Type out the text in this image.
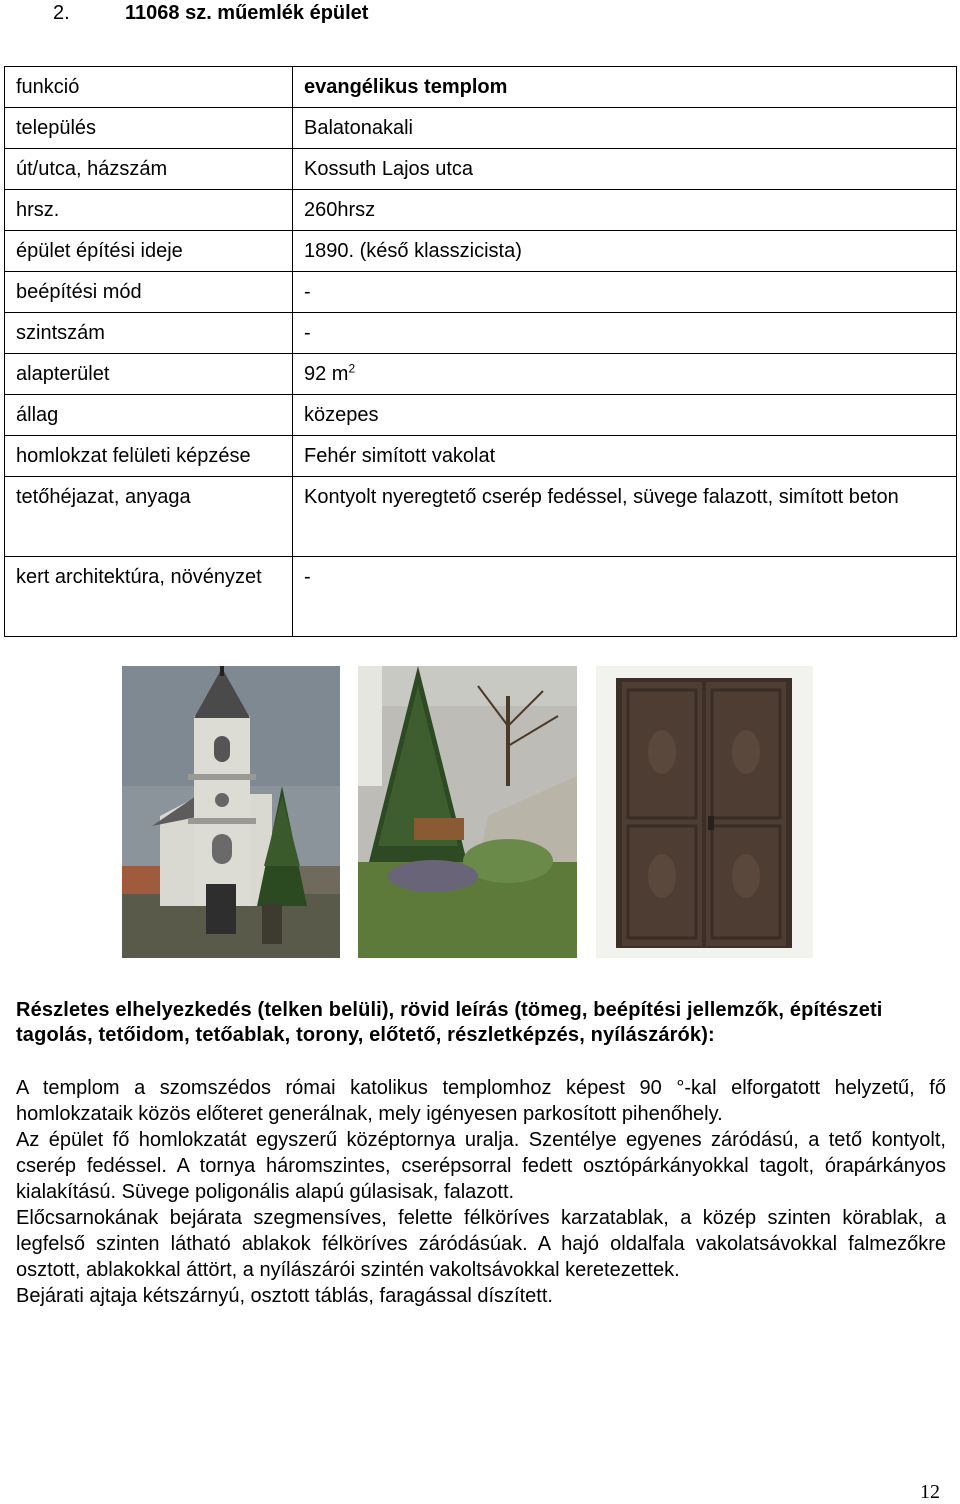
2.	11068 sz. műemlék épület
funkció	evangélikus templom
település	Balatonakali
út/utca, házszám	Kossuth Lajos utca
hrsz.	260hrsz
épület építési ideje	1890. (késő klasszicista)
beépítési mód	-
szintszám	-
alapterület	92 $m^2$
állag	közepes
homlokzat felületi képzése	Fehér simított vakolat
tetőhéjazat, anyaga	Kontyolt nyeregtető cserép fedéssel, süvege falazott, simított beton
kert architektúra, növényzet	-
Részletes elhelyezkedés (telken belüli), rövid leírás (tömeg, beépítési jellemzők, építészeti tagolás, tetőidom, tetőablak, torony, előtető, részletképzés, nyílászárók):

A templom a szomszédos római katolikus templomhoz képest 90 °-kal elforgatott helyzetű, fő homlokzataik közös előteret generálnak, mely igényesen parkosított pihenőhely.

Az épület fő homlokzatát egyszerű középtornya uralja. Szentélye egyenes záródású, a tető kontyolt, cserép fedéssel. A tornya háromszintes, cserépsorral fedett osztópárkányokkal tagolt, órapárkányos kialakítású. Süvege poligonális alapú gúlasisak, falazott.

Előcsarnokának bejárata szegmensíves, felette félköríves karzatablak, a közép szinten körablak, a legfelső szinten látható ablakok félköríves záródásúak. A hajó oldalfala vakolatsávokkal falmezőkre osztott, ablakokkal áttört, a nyílászárói szintén vakoltsávokkal keretezettek.

Bejárati ajtaja kétszárnyú, osztott táblás, faragással díszített.

12
